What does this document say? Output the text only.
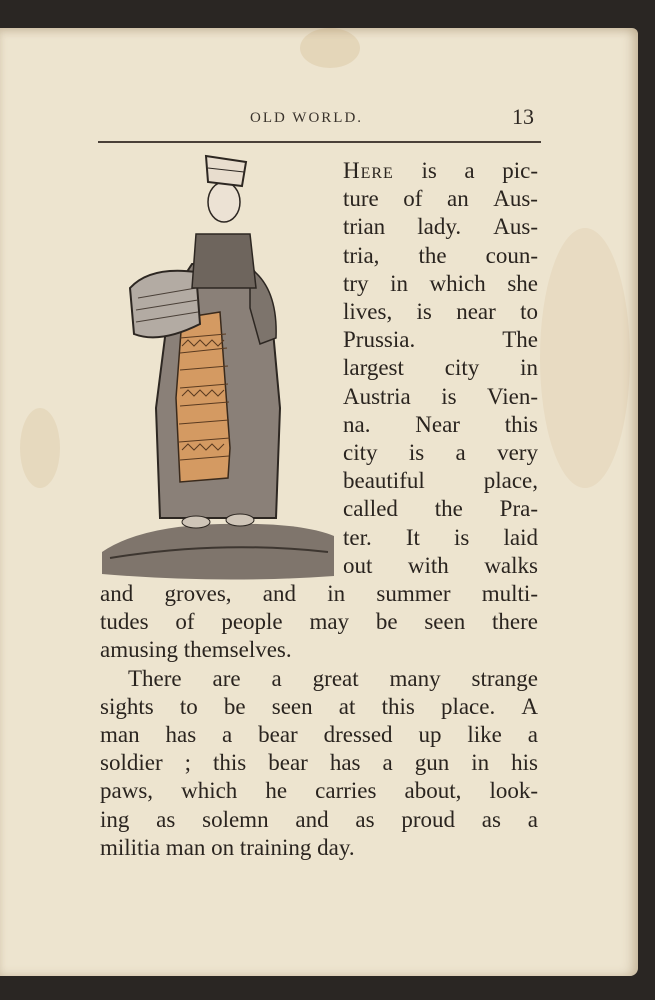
OLD WORLD.	13
Here is a pic-
ture of an Aus-
trian lady. Aus-
tria, the coun-
try in which she
lives, is near to
Prussia.	The
largest city in
Austria is Vien-
na. Near this
city is a very
beautiful	place,
called the Pra-
ter. It is laid
out with walks
and groves, and in summer multi-
tudes of people may be seen there
amusing themselves.
There are a great many strange
sights to be seen at this place. A
man has a bear dressed up like a
soldier ; this bear has a gun in his
paws, which he carries about, look-
ing as solemn and as proud as a
militia man on training day.
